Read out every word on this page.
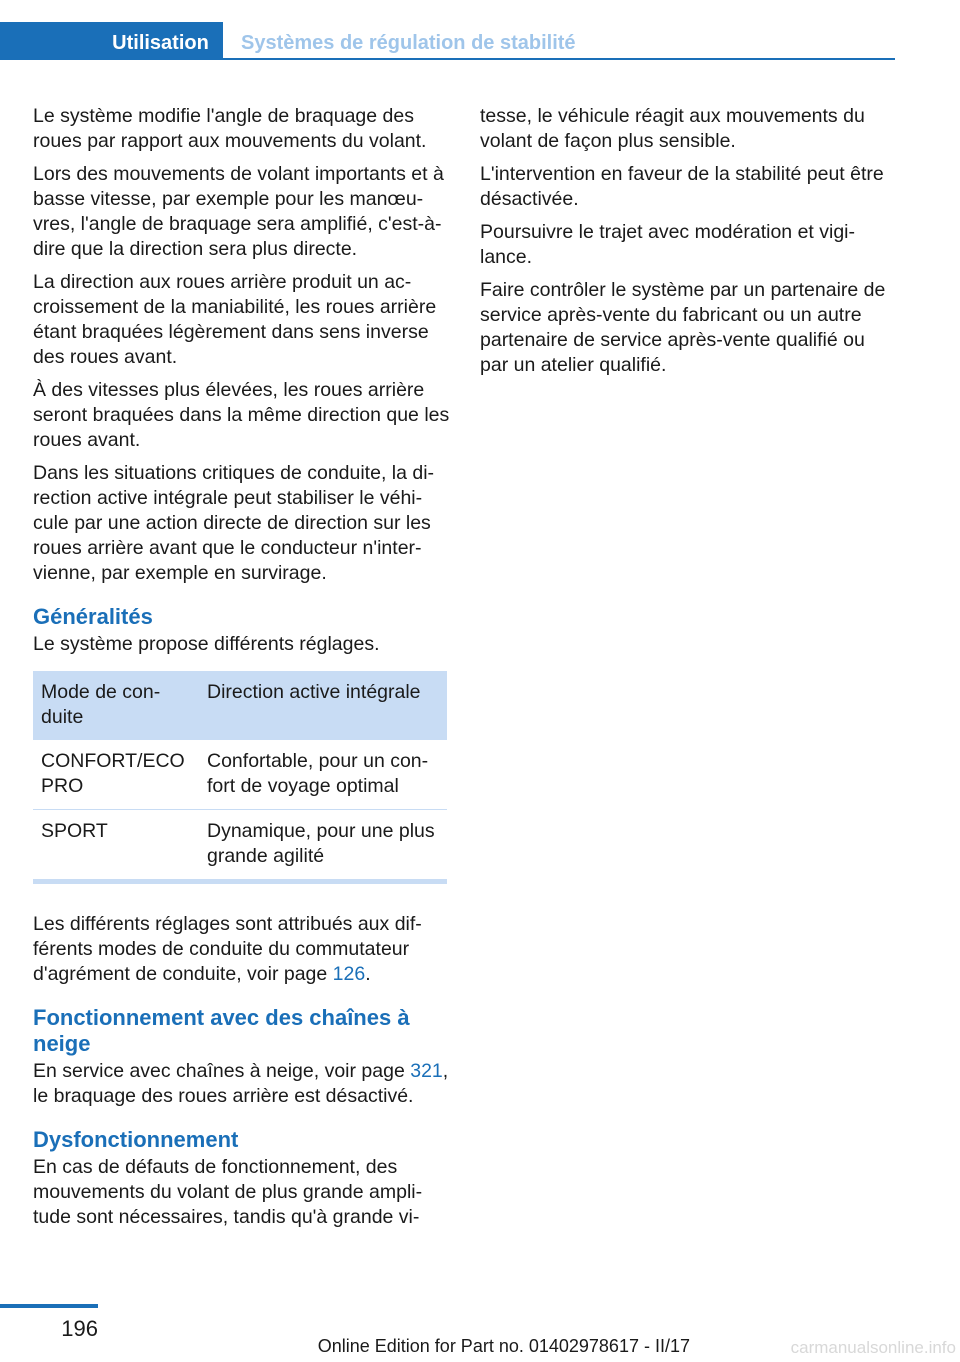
Utilisation	Systèmes de régulation de stabilité

Le système modifie l'angle de braquage des roues par rapport aux mouvements du volant.

Lors des mouvements de volant importants et à basse vitesse, par exemple pour les manœu‐vres, l'angle de braquage sera amplifié, c'est-à-dire que la direction sera plus directe.

La direction aux roues arrière produit un ac‐croissement de la maniabilité, les roues arrière étant braquées légèrement dans sens inverse des roues avant.

À des vitesses plus élevées, les roues arrière seront braquées dans la même direction que les roues avant.

Dans les situations critiques de conduite, la di‐rection active intégrale peut stabiliser le véhi‐cule par une action directe de direction sur les roues arrière avant que le conducteur n'inter‐vienne, par exemple en survirage.

Généralités

Le système propose différents réglages.

Mode de con‐duite	Direction active intégrale
CONFORT/ECO PRO	Confortable, pour un con‐fort de voyage optimal
SPORT	Dynamique, pour une plus grande agilité

Les différents réglages sont attribués aux dif‐férents modes de conduite du commutateur d'agrément de conduite, voir page 126.

Fonctionnement avec des chaînes à neige

En service avec chaînes à neige, voir page 321, le braquage des roues arrière est désactivé.

Dysfonctionnement

En cas de défauts de fonctionnement, des mouvements du volant de plus grande ampli‐tude sont nécessaires, tandis qu'à grande vi‐

tesse, le véhicule réagit aux mouvements du volant de façon plus sensible.

L'intervention en faveur de la stabilité peut être désactivée.

Poursuivre le trajet avec modération et vigi‐lance.

Faire contrôler le système par un partenaire de service après-vente du fabricant ou un autre partenaire de service après-vente qualifié ou par un atelier qualifié.

196
Online Edition for Part no. 01402978617 - II/17	carmanualsonline.info
